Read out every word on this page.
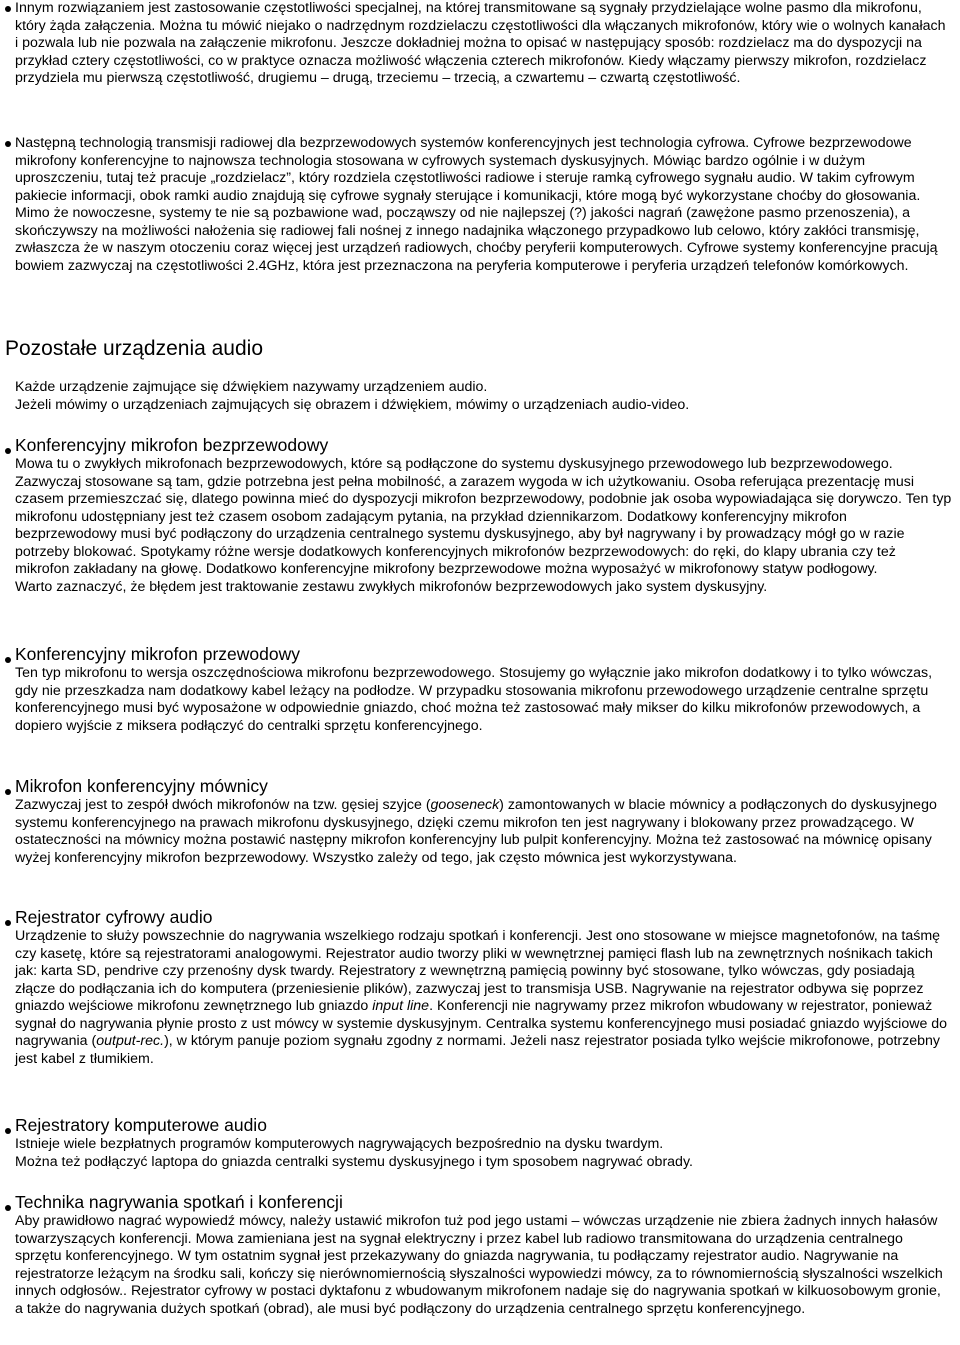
Innym rozwiązaniem jest zastosowanie częstotliwości specjalnej, na której transmitowane są sygnały przydzielające wolne pasmo dla mikrofonu, który żąda załączenia. Można tu mówić niejako o nadrzędnym rozdzielaczu częstotliwości dla włączanych mikrofonów, który wie o wolnych kanałach i pozwala lub nie pozwala na załączenie mikrofonu. Jeszcze dokładniej można to opisać w następujący sposób: rozdzielacz ma do dyspozycji na przykład cztery częstotliwości, co w praktyce oznacza możliwość włączenia czterech mikrofonów. Kiedy włączamy pierwszy mikrofon, rozdzielacz przydziela mu pierwszą częstotliwość, drugiemu – drugą, trzeciemu – trzecią, a czwartemu – czwartą częstotliwość.

Następną technologią transmisji radiowej dla bezprzewodowych systemów konferencyjnych jest technologia cyfrowa. Cyfrowe bezprzewodowe mikrofony konferencyjne to najnowsza technologia stosowana w cyfrowych systemach dyskusyjnych. Mówiąc bardzo ogólnie i w dużym uproszczeniu, tutaj też pracuje „rozdzielacz”, który rozdziela częstotliwości radiowe i steruje ramką cyfrowego sygnału audio. W takim cyfrowym pakiecie informacji, obok ramki audio znajdują się cyfrowe sygnały sterujące i komunikacji, które mogą być wykorzystane choćby do głosowania. Mimo że nowoczesne, systemy te nie są pozbawione wad, począwszy od nie najlepszej (?) jakości nagrań (zawężone pasmo przenoszenia), a skończywszy na możliwości nałożenia się radiowej fali nośnej z innego nadajnika włączonego przypadkowo lub celowo, który zakłóci transmisję, zwłaszcza że w naszym otoczeniu coraz więcej jest urządzeń radiowych, choćby peryferii komputerowych. Cyfrowe systemy konferencyjne pracują bowiem zazwyczaj na częstotliwości 2.4GHz, która jest przeznaczona na peryferia komputerowe i peryferia urządzeń telefonów komórkowych.

Pozostałe urządzenia audio

Każde urządzenie zajmujące się dźwiękiem nazywamy urządzeniem audio.

Jeżeli mówimy o urządzeniach zajmujących się obrazem i dźwiękiem, mówimy o urządzeniach audio-video.

Konferencyjny mikrofon bezprzewodowy

Mowa tu o zwykłych mikrofonach bezprzewodowych, które są podłączone do systemu dyskusyjnego przewodowego lub bezprzewodowego. Zazwyczaj stosowane są tam, gdzie potrzebna jest pełna mobilność, a zarazem wygoda w ich użytkowaniu. Osoba referująca prezentację musi czasem przemieszczać się, dlatego powinna mieć do dyspozycji mikrofon bezprzewodowy, podobnie jak osoba wypowiadająca się dorywczo. Ten typ mikrofonu udostępniany jest też czasem osobom zadającym pytania, na przykład dziennikarzom. Dodatkowy konferencyjny mikrofon bezprzewodowy musi być podłączony do urządzenia centralnego systemu dyskusyjnego, aby był nagrywany i by prowadzący mógł go w razie potrzeby blokować. Spotykamy różne wersje dodatkowych konferencyjnych mikrofonów bezprzewodowych: do ręki, do klapy ubrania czy też mikrofon zakładany na głowę. Dodatkowo konferencyjne mikrofony bezprzewodowe można wyposażyć w mikrofonowy statyw podłogowy.

Warto zaznaczyć, że błędem jest traktowanie zestawu zwykłych mikrofonów bezprzewodowych jako system dyskusyjny.

Konferencyjny mikrofon przewodowy

Ten typ mikrofonu to wersja oszczędnościowa mikrofonu bezprzewodowego. Stosujemy go wyłącznie jako mikrofon dodatkowy i to tylko wówczas, gdy nie przeszkadza nam dodatkowy kabel leżący na podłodze. W przypadku stosowania mikrofonu przewodowego urządzenie centralne sprzętu konferencyjnego musi być wyposażone w odpowiednie gniazdo, choć można też zastosować mały mikser do kilku mikrofonów przewodowych, a dopiero wyjście z miksera podłączyć do centralki sprzętu konferencyjnego.

Mikrofon konferencyjny mównicy

Zazwyczaj jest to zespół dwóch mikrofonów na tzw. gęsiej szyjce (gooseneck) zamontowanych w blacie mównicy a podłączonych do dyskusyjnego systemu konferencyjnego na prawach mikrofonu dyskusyjnego, dzięki czemu mikrofon ten jest nagrywany i blokowany przez prowadzącego. W ostateczności na mównicy można postawić następny mikrofon konferencyjny lub pulpit konferencyjny. Można też zastosować na mównicę opisany wyżej konferencyjny mikrofon bezprzewodowy. Wszystko zależy od tego, jak często mównica jest wykorzystywana.

Rejestrator cyfrowy audio

Urządzenie to służy powszechnie do nagrywania wszelkiego rodzaju spotkań i konferencji. Jest ono stosowane w miejsce magnetofonów, na taśmę czy kasetę, które są rejestratorami analogowymi. Rejestrator audio tworzy pliki w wewnętrznej pamięci flash lub na zewnętrznych nośnikach takich jak: karta SD, pendrive czy przenośny dysk twardy. Rejestratory z wewnętrzną pamięcią powinny być stosowane, tylko wówczas, gdy posiadają złącze do podłączania ich do komputera (przeniesienie plików), zazwyczaj jest to transmisja USB. Nagrywanie na rejestrator odbywa się poprzez gniazdo wejściowe mikrofonu zewnętrznego lub gniazdo input line. Konferencji nie nagrywamy przez mikrofon wbudowany w rejestrator, ponieważ sygnał do nagrywania płynie prosto z ust mówcy w systemie dyskusyjnym. Centralka systemu konferencyjnego musi posiadać gniazdo wyjściowe do nagrywania (output-rec.), w którym panuje poziom sygnału zgodny z normami. Jeżeli nasz rejestrator posiada tylko wejście mikrofonowe, potrzebny jest kabel z tłumikiem.

Rejestratory komputerowe audio

Istnieje wiele bezpłatnych programów komputerowych nagrywających bezpośrednio na dysku twardym.

Można też podłączyć laptopa do gniazda centralki systemu dyskusyjnego i tym sposobem nagrywać obrady.

Technika nagrywania spotkań i konferencji

Aby prawidłowo nagrać wypowiedź mówcy, należy ustawić mikrofon tuż pod jego ustami – wówczas urządzenie nie zbiera żadnych innych hałasów towarzyszących konferencji. Mowa zamieniana jest na sygnał elektryczny i przez kabel lub radiowo transmitowana do urządzenia centralnego sprzętu konferencyjnego. W tym ostatnim sygnał jest przekazywany do gniazda nagrywania, tu podłączamy rejestrator audio. Nagrywanie na rejestratorze leżącym na środku sali, kończy się nierównomiernością słyszalności wypowiedzi mówcy, za to równomiernością słyszalności wszelkich innych odgłosów.. Rejestrator cyfrowy w postaci dyktafonu z wbudowanym mikrofonem nadaje się do nagrywania spotkań w kilkuosobowym gronie, a także do nagrywania dużych spotkań (obrad), ale musi być podłączony do urządzenia centralnego sprzętu konferencyjnego.
